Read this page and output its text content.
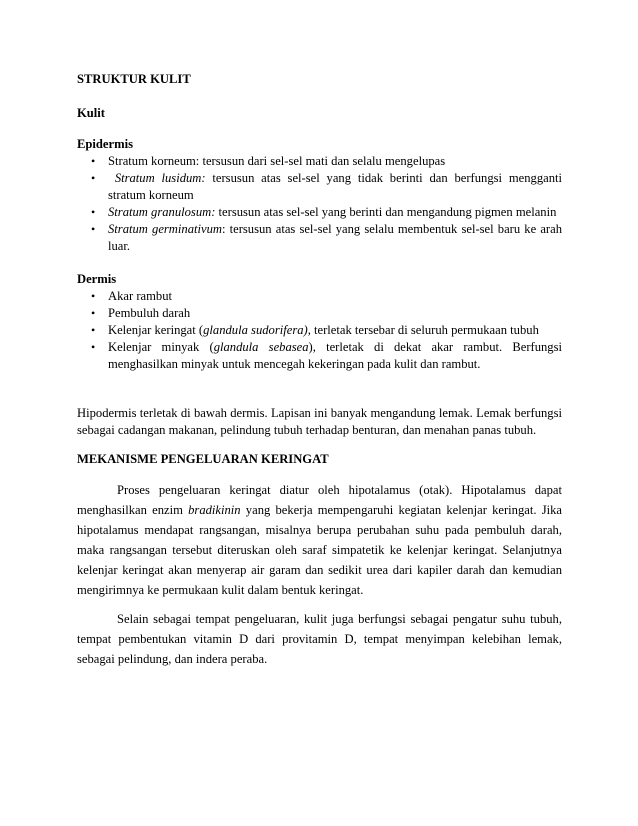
STRUKTUR KULIT
Kulit
Epidermis
• Stratum korneum: tersusun dari sel-sel mati dan selalu mengelupas
• Stratum lusidum: tersusun atas sel-sel yang tidak berinti dan berfungsi mengganti stratum korneum
• Stratum granulosum: tersusun atas sel-sel yang berinti dan mengandung pigmen melanin
• Stratum germinativum: tersusun atas sel-sel yang selalu membentuk sel-sel baru ke arah luar.
Dermis
• Akar rambut
• Pembuluh darah
• Kelenjar keringat (glandula sudorifera), terletak tersebar di seluruh permukaan tubuh
• Kelenjar minyak (glandula sebasea), terletak di dekat akar rambut. Berfungsi menghasilkan minyak untuk mencegah kekeringan pada kulit dan rambut.

Hipodermis terletak di bawah dermis. Lapisan ini banyak mengandung lemak. Lemak berfungsi sebagai cadangan makanan, pelindung tubuh terhadap benturan, dan menahan panas tubuh.

MEKANISME PENGELUARAN KERINGAT

Proses pengeluaran keringat diatur oleh hipotalamus (otak). Hipotalamus dapat menghasilkan enzim bradikinin yang bekerja mempengaruhi kegiatan kelenjar keringat. Jika hipotalamus mendapat rangsangan, misalnya berupa perubahan suhu pada pembuluh darah, maka rangsangan tersebut diteruskan oleh saraf simpatetik ke kelenjar keringat. Selanjutnya kelenjar keringat akan menyerap air garam dan sedikit urea dari kapiler darah dan kemudian mengirimnya ke permukaan kulit dalam bentuk keringat.

Selain sebagai tempat pengeluaran, kulit juga berfungsi sebagai pengatur suhu tubuh, tempat pembentukan vitamin D dari provitamin D, tempat menyimpan kelebihan lemak, sebagai pelindung, dan indera peraba.
